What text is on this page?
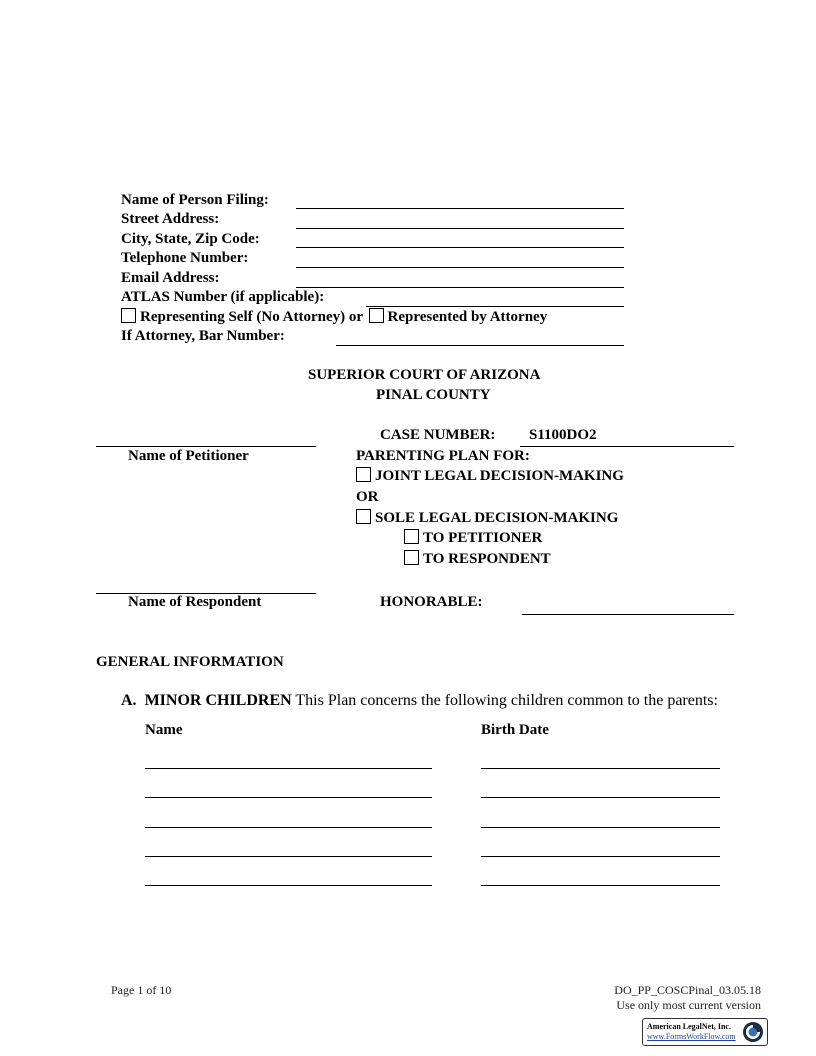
Name of Person Filing:
Street Address:
City, State, Zip Code:
Telephone Number:
Email Address:
ATLAS Number (if applicable):
Representing Self (No Attorney) or Represented by Attorney
If Attorney, Bar Number:
SUPERIOR COURT OF ARIZONA
PINAL COUNTY
Name of Petitioner
CASE NUMBER: S1100DO2
PARENTING PLAN FOR:
JOINT LEGAL DECISION-MAKING
OR
SOLE LEGAL DECISION-MAKING
TO PETITIONER
TO RESPONDENT
Name of Respondent	HONORABLE:
GENERAL INFORMATION
A. MINOR CHILDREN This Plan concerns the following children common to the parents:
Name	Birth Date
Page 1 of 10	DO_PP_COSCPinal_03.05.18
Use only most current version
American LegalNet, Inc.
www.FormsWorkFlow.com
